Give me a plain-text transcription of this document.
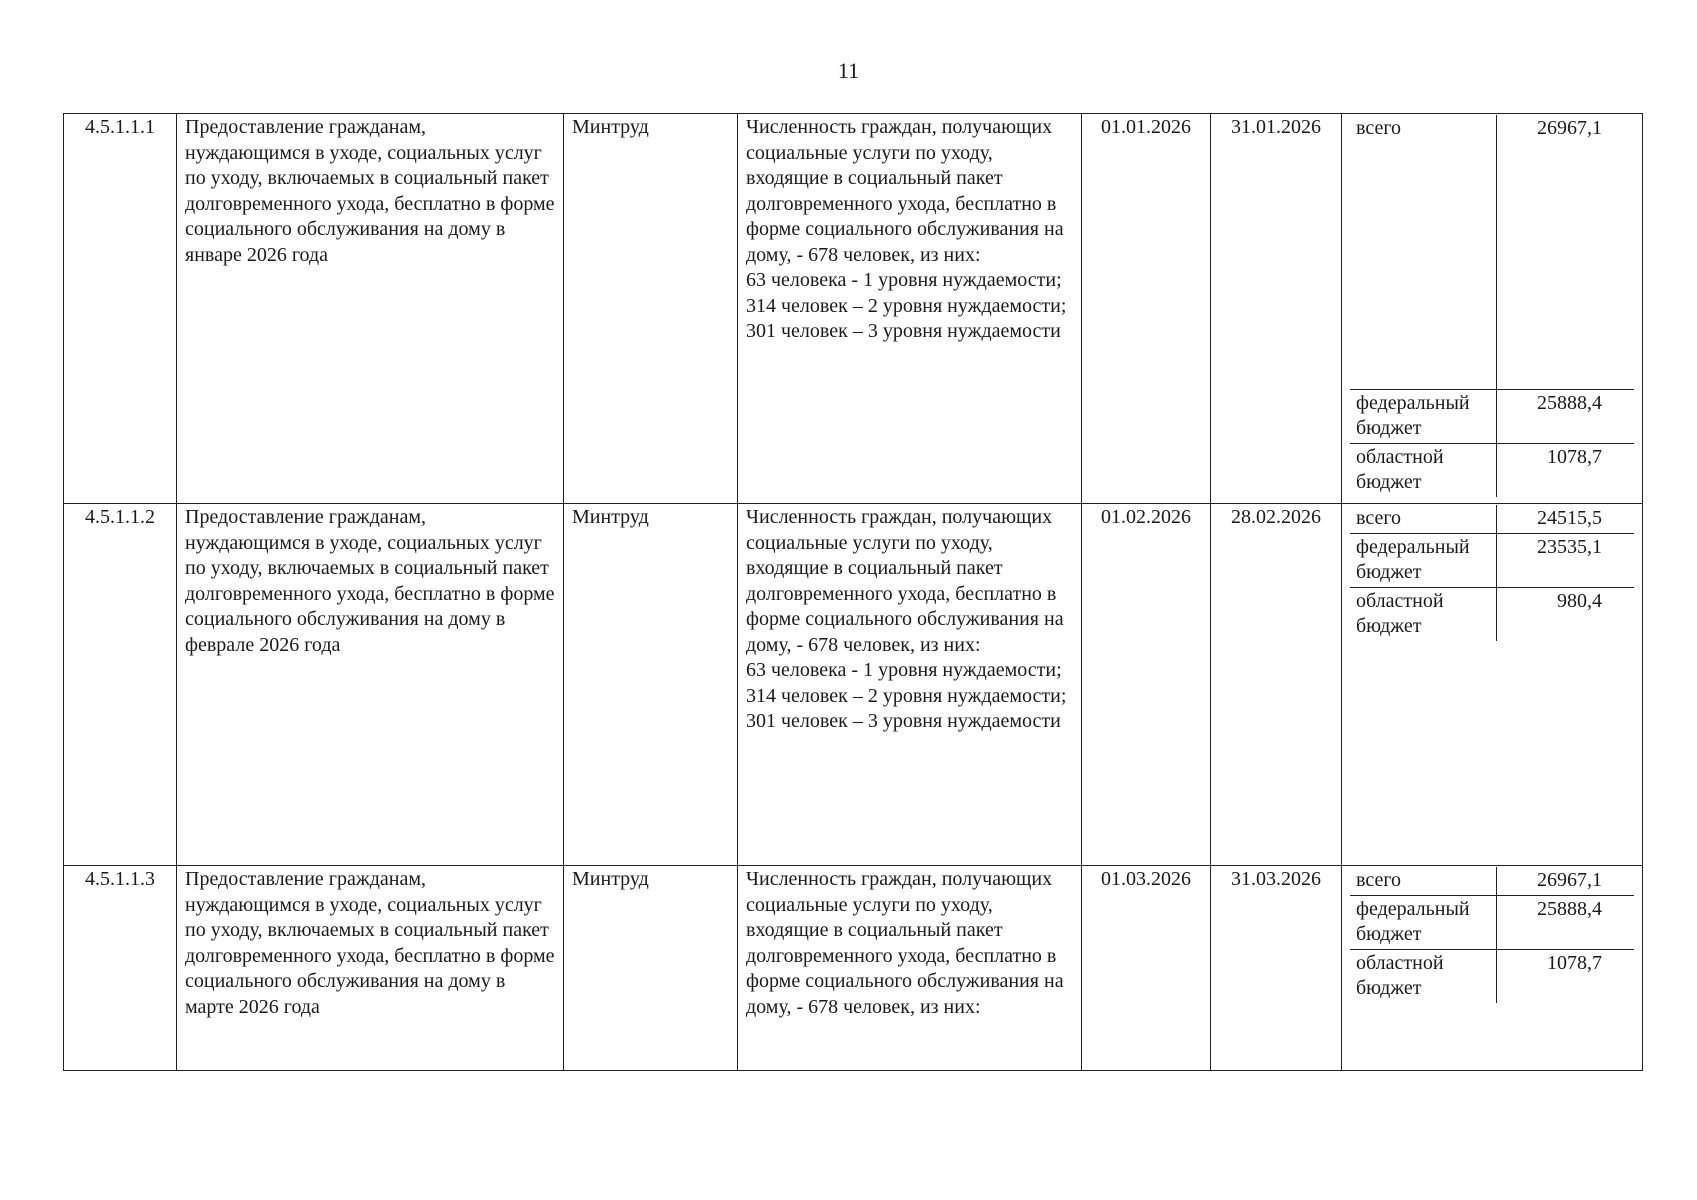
11
4.5.1.1.1	Предоставление гражданам, нуждающимся в уходе, социальных услуг по уходу, включаемых в социальный пакет долговременного ухода, бесплатно в форме социального обслуживания на дому в январе 2026 года	Минтруд	Численность граждан, получающих социальные услуги по уходу, входящие в социальный пакет долговременного ухода, бесплатно в форме социального обслуживания на дому, - 678 человек, из них:
63 человека - 1 уровня нуждаемости;
314 человек – 2 уровня нуждаемости;
301 человек – 3 уровня нуждаемости	01.01.2026	31.01.2026	всего	26967,1
федеральный бюджет	25888,4
областной бюджет	1078,7

4.5.1.1.2	Предоставление гражданам, нуждающимся в уходе, социальных услуг по уходу, включаемых в социальный пакет долговременного ухода, бесплатно в форме социального обслуживания на дому в феврале 2026 года	Минтруд	Численность граждан, получающих социальные услуги по уходу, входящие в социальный пакет долговременного ухода, бесплатно в форме социального обслуживания на дому, - 678 человек, из них:
63 человека - 1 уровня нуждаемости;
314 человек – 2 уровня нуждаемости;
301 человек – 3 уровня нуждаемости	01.02.2026	28.02.2026	всего	24515,5
федеральный бюджет	23535,1
областной бюджет	980,4

4.5.1.1.3	Предоставление гражданам, нуждающимся в уходе, социальных услуг по уходу, включаемых в социальный пакет долговременного ухода, бесплатно в форме социального обслуживания на дому в марте 2026 года	Минтруд	Численность граждан, получающих социальные услуги по уходу, входящие в социальный пакет долговременного ухода, бесплатно в форме социального обслуживания на дому, - 678 человек, из них:	01.03.2026	31.03.2026	всего	26967,1
федеральный бюджет	25888,4
областной бюджет	1078,7
